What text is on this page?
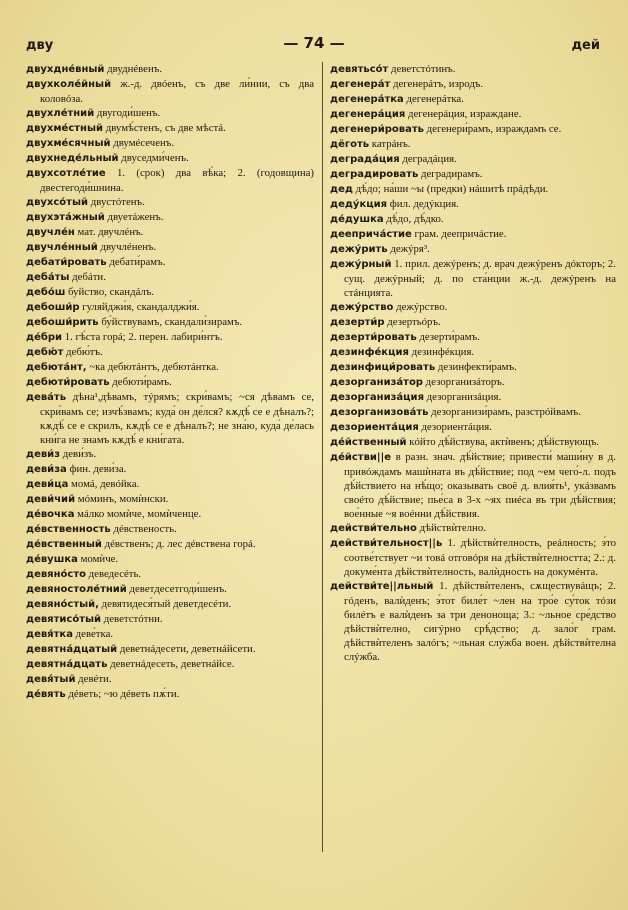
дву	— 74 —	дей

двухдне́вный двуднéвенъ.

двухколе́йный ж.-д. двóенъ, съ две ли́нии, съ два коловóза.

двухле́тний двугоди́шенъ.

двухме́стный двумѣ́стенъ, съ две мѣстá.

двухме́сячный двумéсеченъ.

двухнеде́льный двуседми́ченъ.

двухсотле́тие 1. (срок) два вѣ́ка; 2. (годовщина) двестегоди́шнина.

двухсо́тый двустóтенъ.

двухэта́жный двуетáженъ.

двучле́н мат. двучлéнъ.

двучле́нный двучлéненъ.

дебати́ровать дебати́рамъ.

деба́ты дебáти.

дебо́ш буйство, скандáлъ.

дебоши́р гуляйджи́я, скандалджи́я.

дебоши́рить бу́йствувамъ, скандали́зирамъ.

де́бри 1. гѣ́ста горá; 2. перен. лабири́нтъ.

дебю́т дебю́тъ.

дебюта́нт, ~ка дебютáнтъ, дебютáнтка.

дебюти́ровать дебюти́рамъ.

дева́ть дѣна¹,дѣвамъ, тýрямъ; скри́вамъ; ~ся дѣвамъ се, скри́вамъ се; изчѣ́звамъ; куда́ он де́лся? кѫдѣ́ се е дѣналъ?; кѫдѣ́ се е скрилъ, кѫдѣ́ се е дѣналъ?; не зна́ю, куда́ де́лась кни́га не знамъ кѫдѣ́ е кни́гата.

деви́з деви́зъ.

деви́за фин. деви́за.

деви́ца момá, девóйка.

деви́чий мóминъ, момѝнски.

де́вочка мáлко момѝче, момѝченце.

де́вственность дéвственость.

де́вственный дéвственъ; д. лес дéвствена горá.

де́вушка момѝче.

девяно́сто деведесéть.

девяностоле́тний деветдесетгоди́шенъ.

девяно́стый, девятидеся́тый деветдесéти.

девятисо́тый деветстóтни.

девя́тка деве́тка.

девятна́дцатый деветнáдесети, деветнáйсети.

девятна́дцать деветнáдесеть, деветнáйсе.

девя́тый девéти.

де́вять дéветь; ~ю дéветь пѫ́ти.

девятьсо́т деветстóтинъ.

дегенера́т дегенерáтъ, изродъ.

дегенера́тка дегенерáтка.

дегенера́ция дегенерáция, израждане.

дегенери́ровать дегенери́рамъ, израждамъ се.

дёготь катрáнъ.

деграда́ция деградáция.

деградировать деградирамъ.

дед дѣ́до; на́ши ~ы (предки) нáшитѣ прáдѣди.

деду́кция фил. дедýкция.

де́душка дѣ́до, дѣ́дко.

дееприча́стие грам. деепричáстие.

дежу́рить дежýря³.

дежу́рный 1. прил. дежýренъ; д. врач дежýренъ дóкторъ; 2. сущ. дежýрный; д. по ста́нции ж.-д. дежýренъ на стáнцията.

дежу́рство дежýрство.

дезерти́р дезертьóръ.

дезерти́ровать дезерти́рамъ.

дезинфе́кция дезинфéкция.

дезинфици́ровать дезинфекти́рамъ.

дезорганиза́тор дезорганизáторъ.

дезорганиза́ция дезорганизáция.

дезорганизова́ть дезорганизи́рамъ, разстрóйвамъ.

дезориента́ция дезориентáция.

де́йственный кóйто дѣ́йствува, актѝвенъ; дѣ́йствующъ.

де́йстви||е в разн. знач. дѣ́йствие; привести́ маши́ну в д. привóждамъ машѝната въ дѣ́йствие; под ~ем чего́-л. подъ дѣ́йствието на нѣ́що; оказывать своё д. влия́ть¹, укáзвамъ своéто дѣ́йствие; пье́са в 3-х ~ях пиéса въ три дѣ́йствия; вое́нные ~я воéнни дѣ́йствия.

действи́тельно дѣйствѝтелно.

действи́тельност||ь 1. дѣйствѝтелность, реáлность; э́то соотве́тствует ~и товá отговóря на дѣйствѝтелността; 2.: д. докуме́нта дѣйствѝтелность, валѝдность на докумéнта.

действи́те||льный 1. дѣйствѝтеленъ, сѫществувáщъ; 2. гóденъ, валѝденъ; э́тот биле́т ~лен на тро́е су́ток тóзи билéтъ е валѝденъ за три деноноща; 3.: ~льное сре́дство дѣйствѝтелно, сигýрно срѣ́дство; д. зало́г грам. дѣйствѝтеленъ залóгъ; ~льная слу́жба воен. дѣйствѝтелна слýжба.
